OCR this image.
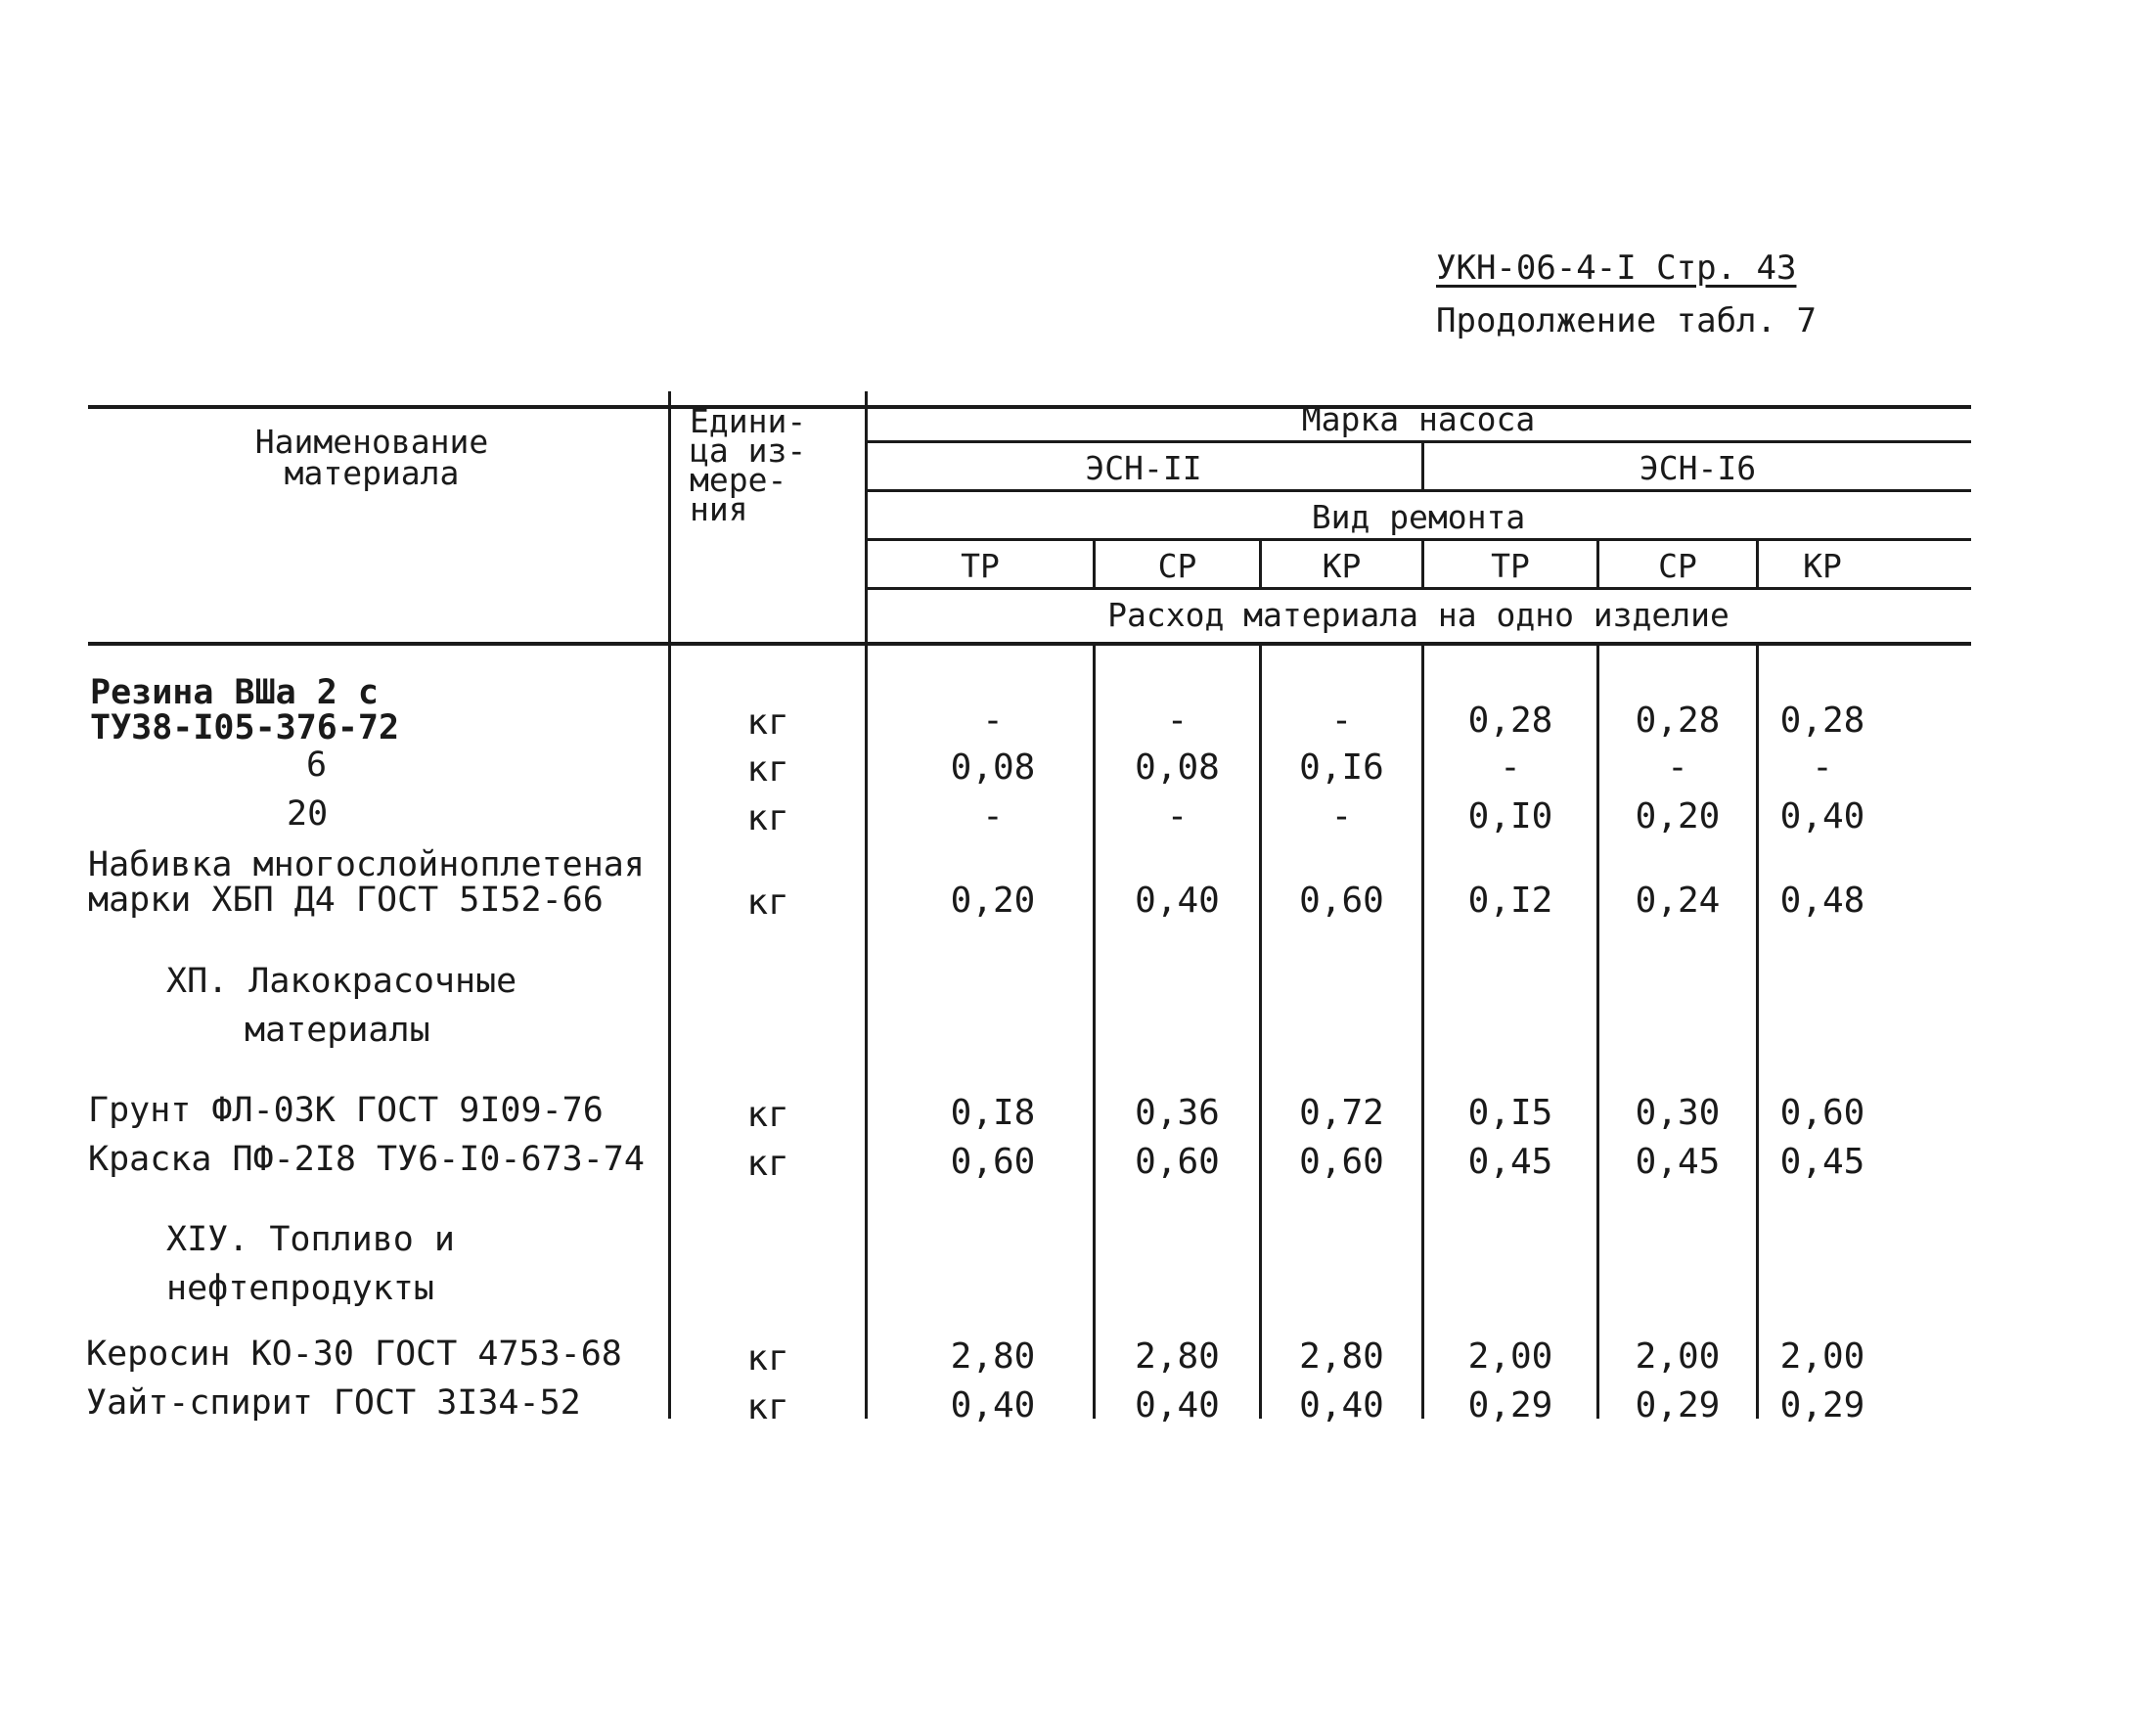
УКН-06-4-I Стр. 43
Продолжение табл. 7
Наименование
материала
Едини-
ца из-
мере-
ния
Марка насоса
ЭСН-II	ЭСН-I6
Вид ремонта
ТР	СР	КР	ТР	СР	КР
Расход материала на одно изделие
Резина ВШа 2 с
ТУ38-I05-376-72	кг	-	-	-	0,28	0,28	0,28
6	кг	0,08	0,08	0,I6	-	-	-
20	кг	-	-	-	0,I0	0,20	0,40
Набивка многослойноплетеная
марки ХБП Д4 ГОСТ 5I52-66	кг	0,20	0,40	0,60	0,I2	0,24	0,48
ХП. Лакокрасочные
материалы
Грунт ФЛ-03К ГОСТ 9I09-76	кг	0,I8	0,36	0,72	0,I5	0,30	0,60
Краска ПФ-2I8 ТУ6-I0-673-74	кг	0,60	0,60	0,60	0,45	0,45	0,45
ХIУ. Топливо и
нефтепродукты
Керосин КО-30 ГОСТ 4753-68	кг	2,80	2,80	2,80	2,00	2,00	2,00
Уайт-спирит ГОСТ 3I34-52	кг	0,40	0,40	0,40	0,29	0,29	0,29
